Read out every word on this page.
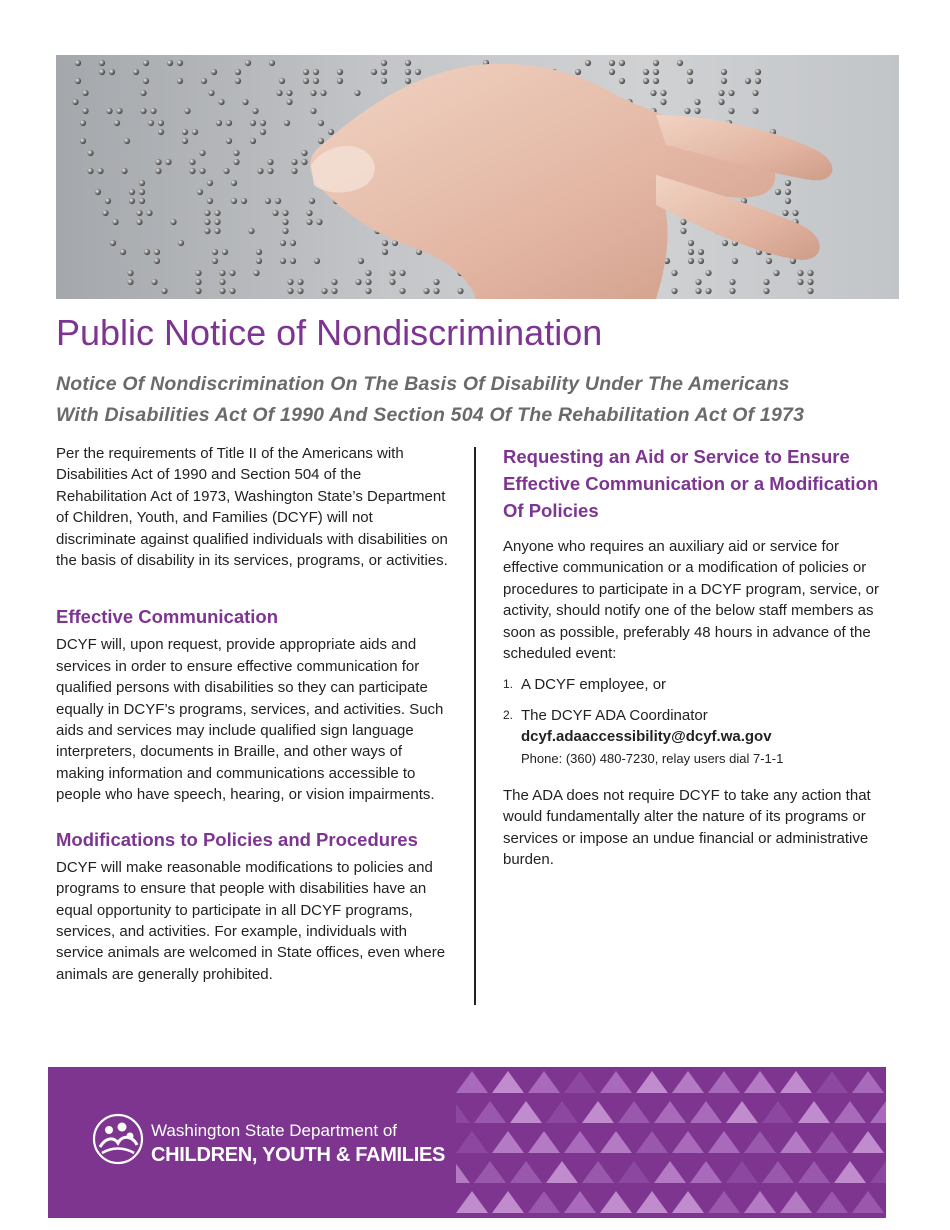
Public Notice of Nondiscrimination
Notice Of Nondiscrimination On The Basis Of Disability Under The Americans With Disabilities Act Of 1990 And Section 504 Of The Rehabilitation Act Of 1973

Per the requirements of Title II of the Americans with Disabilities Act of 1990 and Section 504 of the Rehabilitation Act of 1973, Washington State’s Department of Children, Youth, and Families (DCYF) will not discriminate against qualified individuals with disabilities on the basis of disability in its services, programs, or activities.

Effective Communication

DCYF will, upon request, provide appropriate aids and services in order to ensure effective communication for qualified persons with disabilities so they can participate equally in DCYF’s programs, services, and activities. Such aids and services may include qualified sign language interpreters, documents in Braille, and other ways of making information and communications accessible to people who have speech, hearing, or vision impairments.

Modifications to Policies and Procedures

DCYF will make reasonable modifications to policies and programs to ensure that people with disabilities have an equal opportunity to participate in all DCYF programs, services, and activities. For example, individuals with service animals are welcomed in State offices, even where animals are generally prohibited.

Requesting an Aid or Service to Ensure Effective Communication or a Modification Of Policies

Anyone who requires an auxiliary aid or service for effective communication or a modification of policies or procedures to participate in a DCYF program, service, or activity, should notify one of the below staff members as soon as possible, preferably 48 hours in advance of the scheduled event:

1. A DCYF employee, or
2. The DCYF ADA Coordinator
dcyf.adaaccessibility@dcyf.wa.gov
Phone: (360) 480-7230, relay users dial 7-1-1

The ADA does not require DCYF to take any action that would fundamentally alter the nature of its programs or services or impose an undue financial or administrative burden.

Washington State Department of
CHILDREN, YOUTH & FAMILIES
